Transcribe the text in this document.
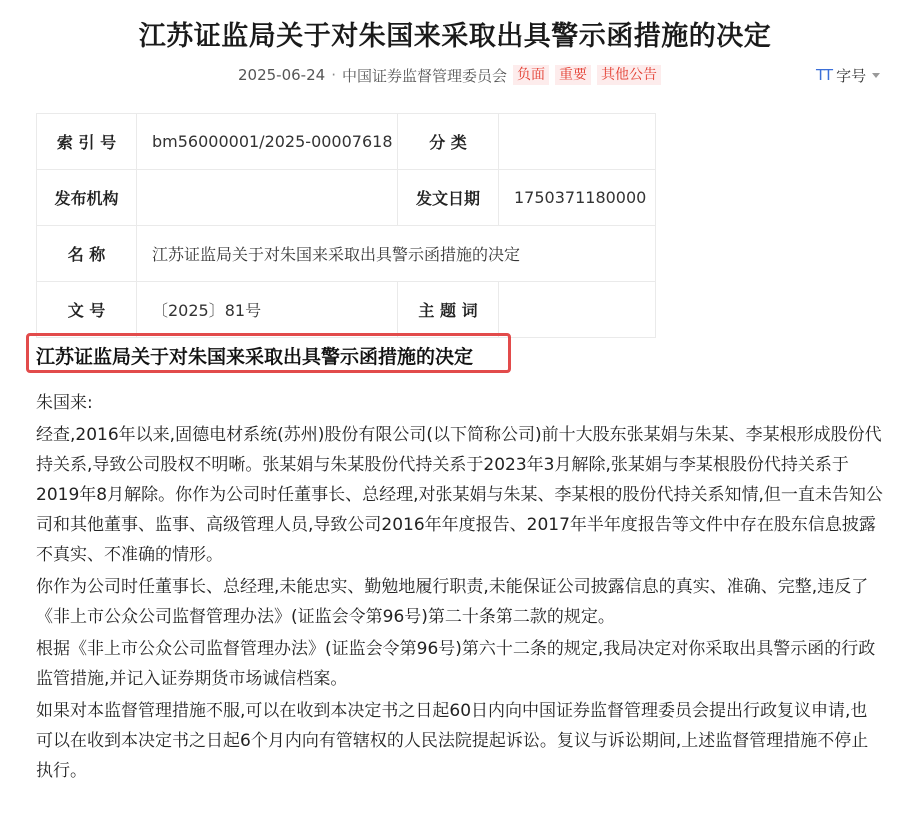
江苏证监局关于对朱国来采取出具警示函措施的决定
2025-06-24 · 中国证券监督管理委员会 负面 重要 其他公告	TT 字号
索 引 号	bm56000001/2025-00007618	分 类	
发布机构		发文日期	1750371180000
名 称	江苏证监局关于对朱国来采取出具警示函措施的决定		
文 号	〔2025〕81号	主 题 词	
江苏证监局关于对朱国来采取出具警示函措施的决定

朱国来:

经查,2016年以来,固德电材系统(苏州)股份有限公司(以下简称公司)前十大股东张某娟与朱某、李某根形成股份代持关系,导致公司股权不明晰。张某娟与朱某股份代持关系于2023年3月解除,张某娟与李某根股份代持关系于2019年8月解除。你作为公司时任董事长、总经理,对张某娟与朱某、李某根的股份代持关系知情,但一直未告知公司和其他董事、监事、高级管理人员,导致公司2016年年度报告、2017年半年度报告等文件中存在股东信息披露不真实、不准确的情形。

你作为公司时任董事长、总经理,未能忠实、勤勉地履行职责,未能保证公司披露信息的真实、准确、完整,违反了《非上市公众公司监督管理办法》(证监会令第96号)第二十条第二款的规定。

根据《非上市公众公司监督管理办法》(证监会令第96号)第六十二条的规定,我局决定对你采取出具警示函的行政监管措施,并记入证券期货市场诚信档案。

如果对本监督管理措施不服,可以在收到本决定书之日起60日内向中国证券监督管理委员会提出行政复议申请,也可以在收到本决定书之日起6个月内向有管辖权的人民法院提起诉讼。复议与诉讼期间,上述监督管理措施不停止执行。
